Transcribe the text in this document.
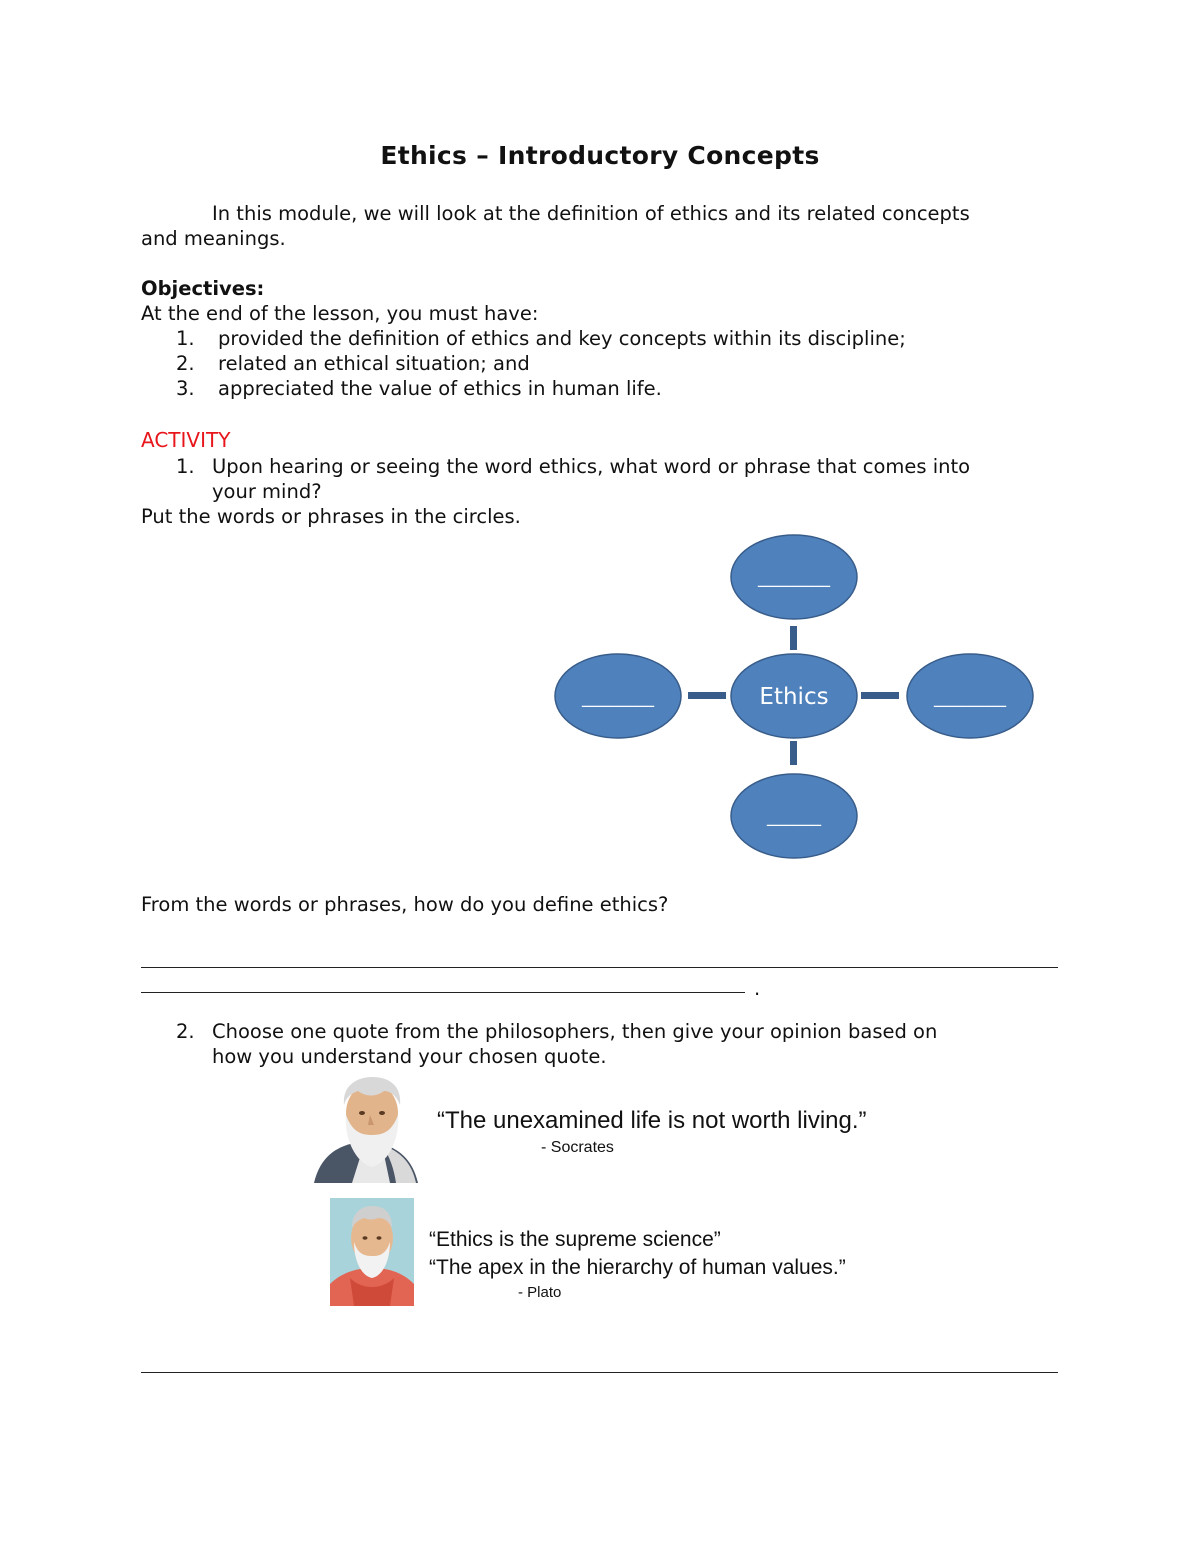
Ethics – Introductory Concepts
In this module, we will look at the definition of ethics and its related concepts
and meanings.
Objectives:
At the end of the lesson, you must have:
1. provided the definition of ethics and key concepts within its discipline;
2. related an ethical situation; and
3. appreciated the value of ethics in human life.
ACTIVITY
1. Upon hearing or seeing the word ethics, what word or phrase that comes into
your mind?
Put the words or phrases in the circles.
________
________	Ethics	________
______
From the words or phrases, how do you define ethics?
.
2. Choose one quote from the philosophers, then give your opinion based on
how you understand your chosen quote.
“The unexamined life is not worth living.”
- Socrates
“Ethics is the supreme science”
“The apex in the hierarchy of human values.”
- Plato
